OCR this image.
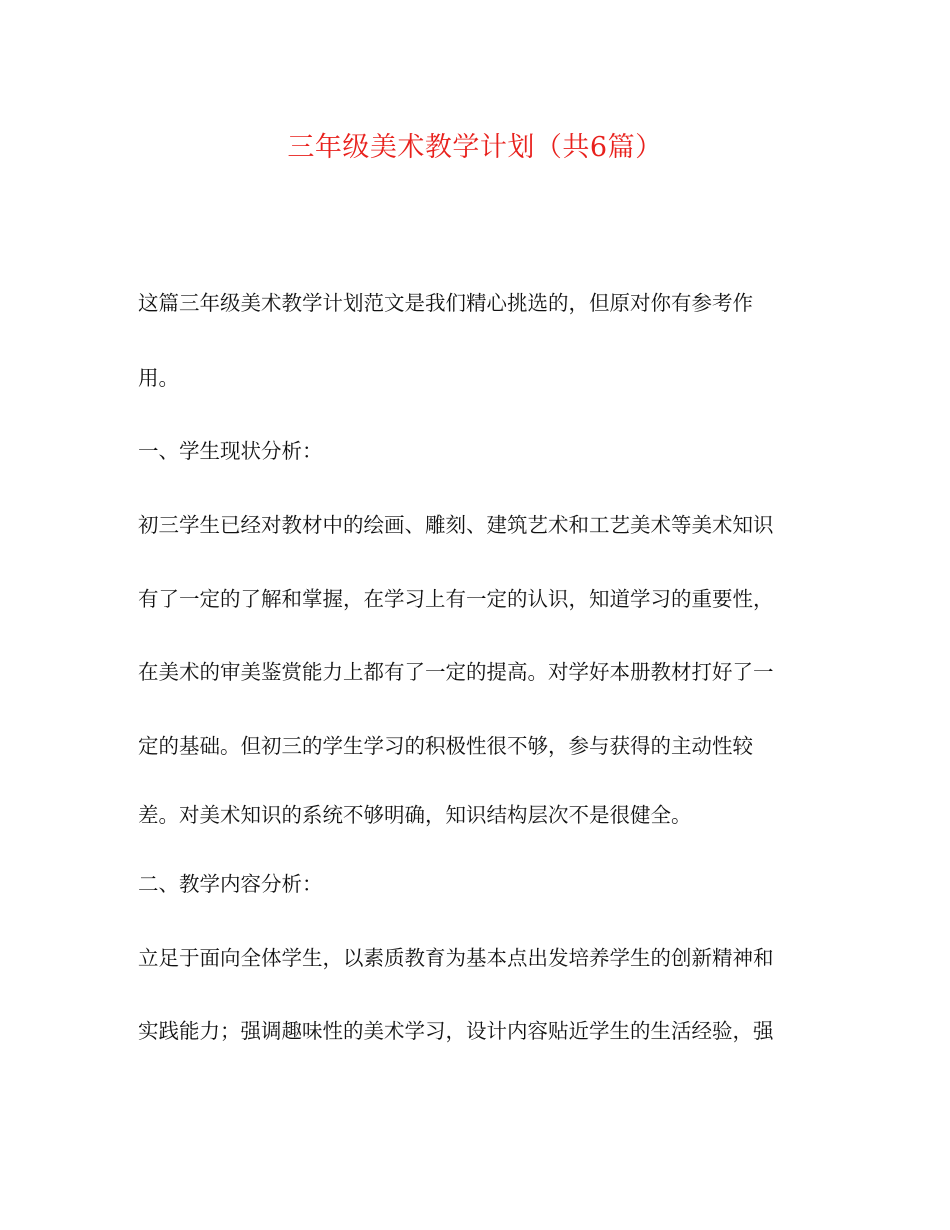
三年级美术教学计划（共6篇）

这篇三年级美术教学计划范文是我们精心挑选的，但原对你有参考作

用。

一、学生现状分析：

初三学生已经对教材中的绘画、雕刻、建筑艺术和工艺美术等美术知识

有了一定的了解和掌握，在学习上有一定的认识，知道学习的重要性，

在美术的审美鉴赏能力上都有了一定的提高。对学好本册教材打好了一

定的基础。但初三的学生学习的积极性很不够，参与获得的主动性较

差。对美术知识的系统不够明确，知识结构层次不是很健全。

二、教学内容分析：

立足于面向全体学生，以素质教育为基本点出发培养学生的创新精神和

实践能力；强调趣味性的美术学习，设计内容贴近学生的生活经验，强
